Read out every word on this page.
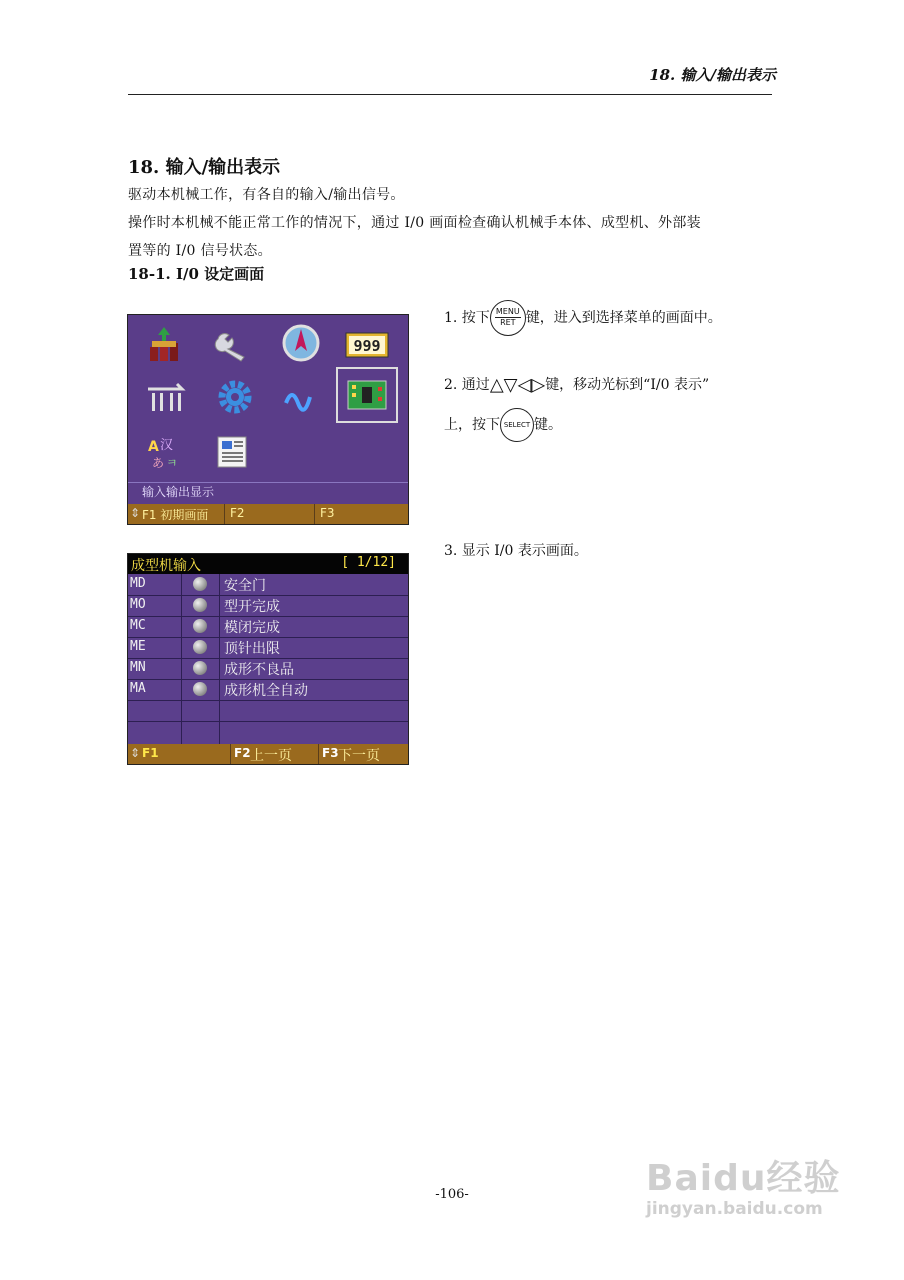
18. 输入/输出表示
18. 输入/输出表示
驱动本机械工作，有各自的输入/输出信号。
操作时本机械不能正常工作的情况下，通过 I/0 画面检查确认机械手本体、成型机、外部装
置等的 I/0 信号状态。
18-1. I/0 设定画面
999
A 汉
あ ㅋ
输入输出显示
⇕ F1 初期画面 F2	F3
成型机输入	[ 1/12]
MD	安全门
MO	型开完成
MC	模闭完成
ME	顶针出限
MN	成形不良品
MA	成形机全自动
⇕ F1	F2 上一页	F3 下一页
1. 按下 MENU
RET 键，进入到选择菜单的画面中。
2. 通过△▽◁▷键，移动光标到“I/0 表示”
上，按下 SELECT 键。
3. 显示 I/0 表示画面。
-106-	Baidu经验
jingyan.baidu.com
